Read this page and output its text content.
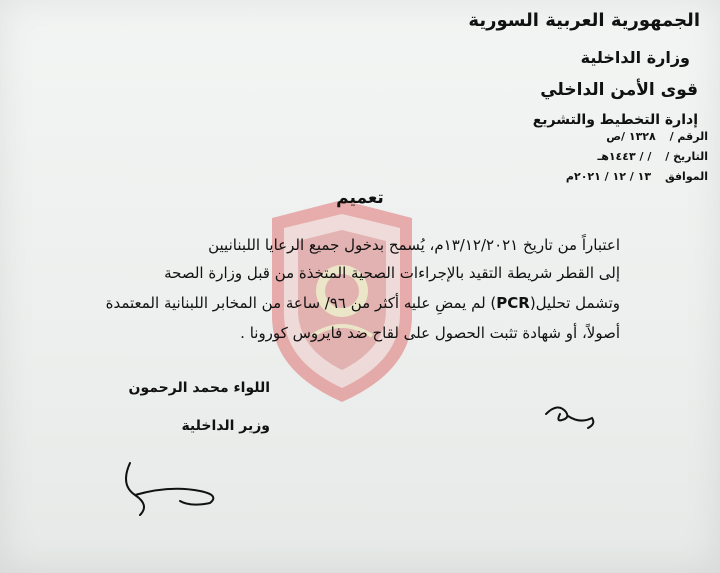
الجمهورية العربية السورية
وزارة الداخلية
قوى الأمن الداخلي
إدارة التخطيط والتشريع
الرقم / ١٣٢٨ /ص
التاريخ / / / ١٤٤٣هـ
الموافق ١٣ / ١٢ / ٢٠٢١م
تعميم
اعتباراً من تاريخ ١٣/١٢/٢٠٢١م، يُسمح بدخول جميع الرعايا اللبنانيين
إلى القطر شريطة التقيد بالإجراءات الصحية المتخذة من قبل وزارة الصحة
وتشمل تحليل(PCR) لم يمضِ عليه أكثر من ٩٦/ ساعة من المخابر اللبنانية المعتمدة
أصولاً، أو شهادة تثبت الحصول على لقاح ضد فايروس كورونا .
اللواء محمد الرحمون
وزير الداخلية
